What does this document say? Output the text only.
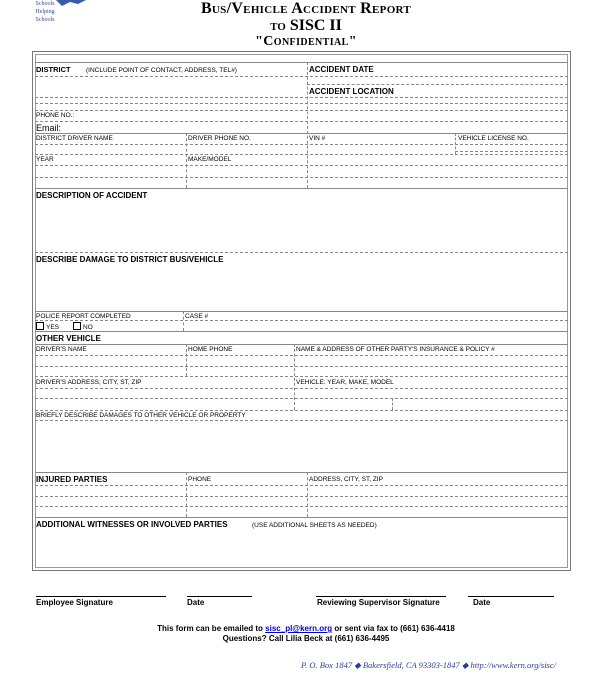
Schools
Helping
Schools
Bus/Vehicle Accident Report
to SISC II
"Confidential"
DISTRICT (INCLUDE POINT OF CONTACT, ADDRESS, TEL#)	ACCIDENT DATE
ACCIDENT LOCATION
PHONE NO.:
Email:
DISTRICT DRIVER NAME	DRIVER PHONE NO.	VIN #	VEHICLE LICENSE NO.
YEAR	MAKE/MODEL
DESCRIPTION OF ACCIDENT
DESCRIBE DAMAGE TO DISTRICT BUS/VEHICLE
POLICE REPORT COMPLETED	CASE #
YES	NO
OTHER VEHICLE
DRIVER'S NAME	HOME PHONE	NAME & ADDRESS OF OTHER PARTY'S INSURANCE & POLICY #
DRIVER'S ADDRESS, CITY, ST, ZIP	VEHICLE: YEAR, MAKE, MODEL
BRIEFLY DESCRIBE DAMAGES TO OTHER VEHICLE OR PROPERTY
INJURED PARTIES	PHONE	ADDRESS, CITY, ST, ZIP
ADDITIONAL WITNESSES OR INVOLVED PARTIES	(USE ADDITIONAL SHEETS AS NEEDED)
Employee Signature	Date	Reviewing Supervisor Signature	Date
This form can be emailed to sisc_pl@kern.org or sent via fax to (661) 636-4418
Questions? Call Lilia Beck at (661) 636-4495
P. O. Box 1847 ◆ Bakersfield, CA 93303-1847 ◆ http://www.kern.org/sisc/
